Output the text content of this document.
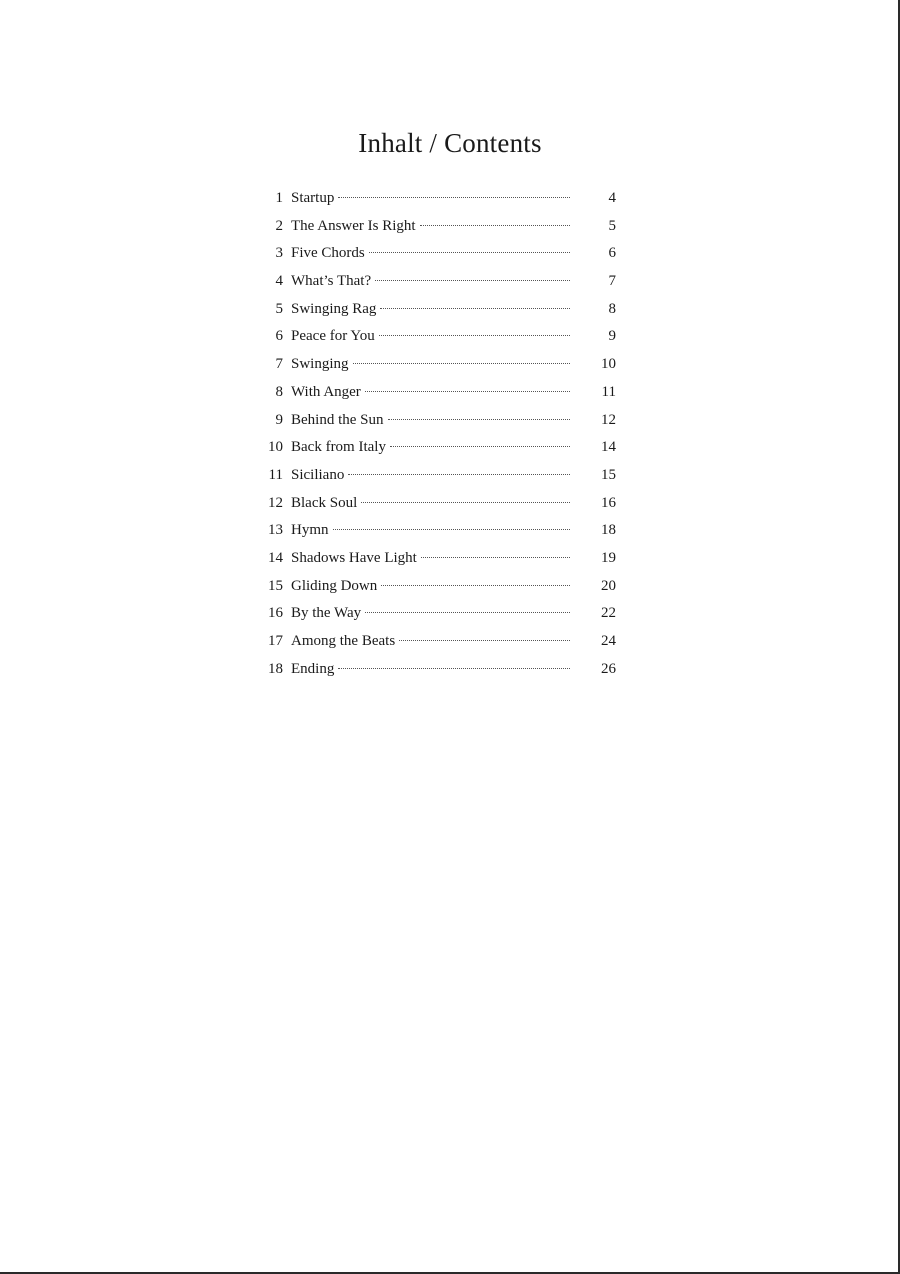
Inhalt / Contents
1 Startup	4
2 The Answer Is Right	5
3 Five Chords	6
4 What’s That?	7
5 Swinging Rag	8
6 Peace for You	9
7 Swinging	10
8 With Anger	11
9 Behind the Sun	12
10 Back from Italy	14
11 Siciliano	15
12 Black Soul	16
13 Hymn	18
14 Shadows Have Light	19
15 Gliding Down	20
16 By the Way	22
17 Among the Beats	24
18 Ending	26
